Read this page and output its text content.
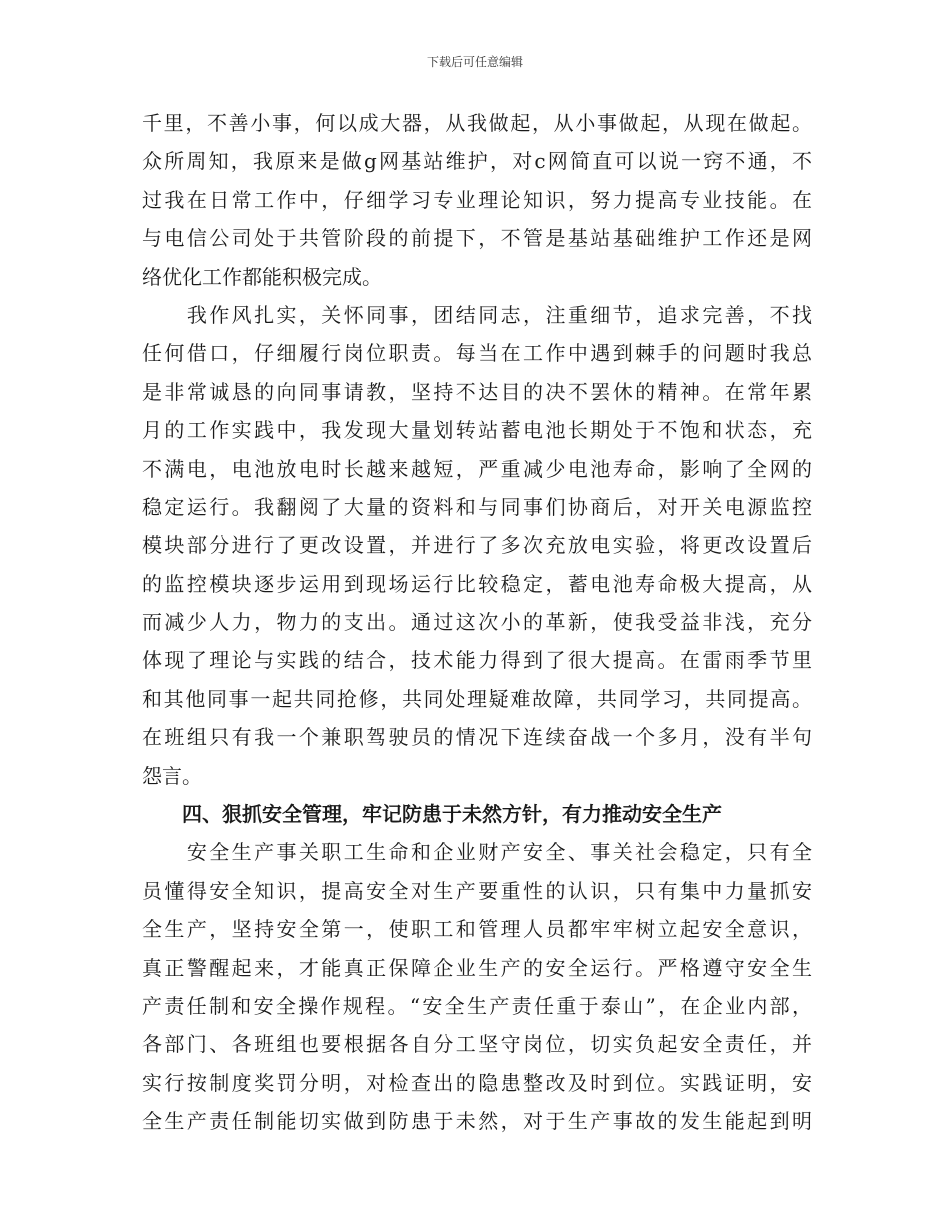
下载后可任意编辑
千里，不善小事，何以成大器，从我做起，从小事做起，从现在做起。
众所周知，我原来是做g网基站维护，对c网简直可以说一窍不通，不
过我在日常工作中，仔细学习专业理论知识，努力提高专业技能。在
与电信公司处于共管阶段的前提下，不管是基站基础维护工作还是网
络优化工作都能积极完成。
　　我作风扎实，关怀同事，团结同志，注重细节，追求完善，不找
任何借口，仔细履行岗位职责。每当在工作中遇到棘手的问题时我总
是非常诚恳的向同事请教，坚持不达目的决不罢休的精神。在常年累
月的工作实践中，我发现大量划转站蓄电池长期处于不饱和状态，充
不满电，电池放电时长越来越短，严重减少电池寿命，影响了全网的
稳定运行。我翻阅了大量的资料和与同事们协商后，对开关电源监控
模块部分进行了更改设置，并进行了多次充放电实验，将更改设置后
的监控模块逐步运用到现场运行比较稳定，蓄电池寿命极大提高，从
而减少人力，物力的支出。通过这次小的革新，使我受益非浅，充分
体现了理论与实践的结合，技术能力得到了很大提高。在雷雨季节里
和其他同事一起共同抢修，共同处理疑难故障，共同学习，共同提高。
在班组只有我一个兼职驾驶员的情况下连续奋战一个多月，没有半句
怨言。
　　四、狠抓安全管理，牢记防患于未然方针，有力推动安全生产
　　安全生产事关职工生命和企业财产安全、事关社会稳定，只有全
员懂得安全知识，提高安全对生产要重性的认识，只有集中力量抓安
全生产，坚持安全第一，使职工和管理人员都牢牢树立起安全意识，
真正警醒起来，才能真正保障企业生产的安全运行。严格遵守安全生
产责任制和安全操作规程。“安全生产责任重于泰山”，在企业内部，
各部门、各班组也要根据各自分工坚守岗位，切实负起安全责任，并
实行按制度奖罚分明，对检查出的隐患整改及时到位。实践证明，安
全生产责任制能切实做到防患于未然，对于生产事故的发生能起到明
